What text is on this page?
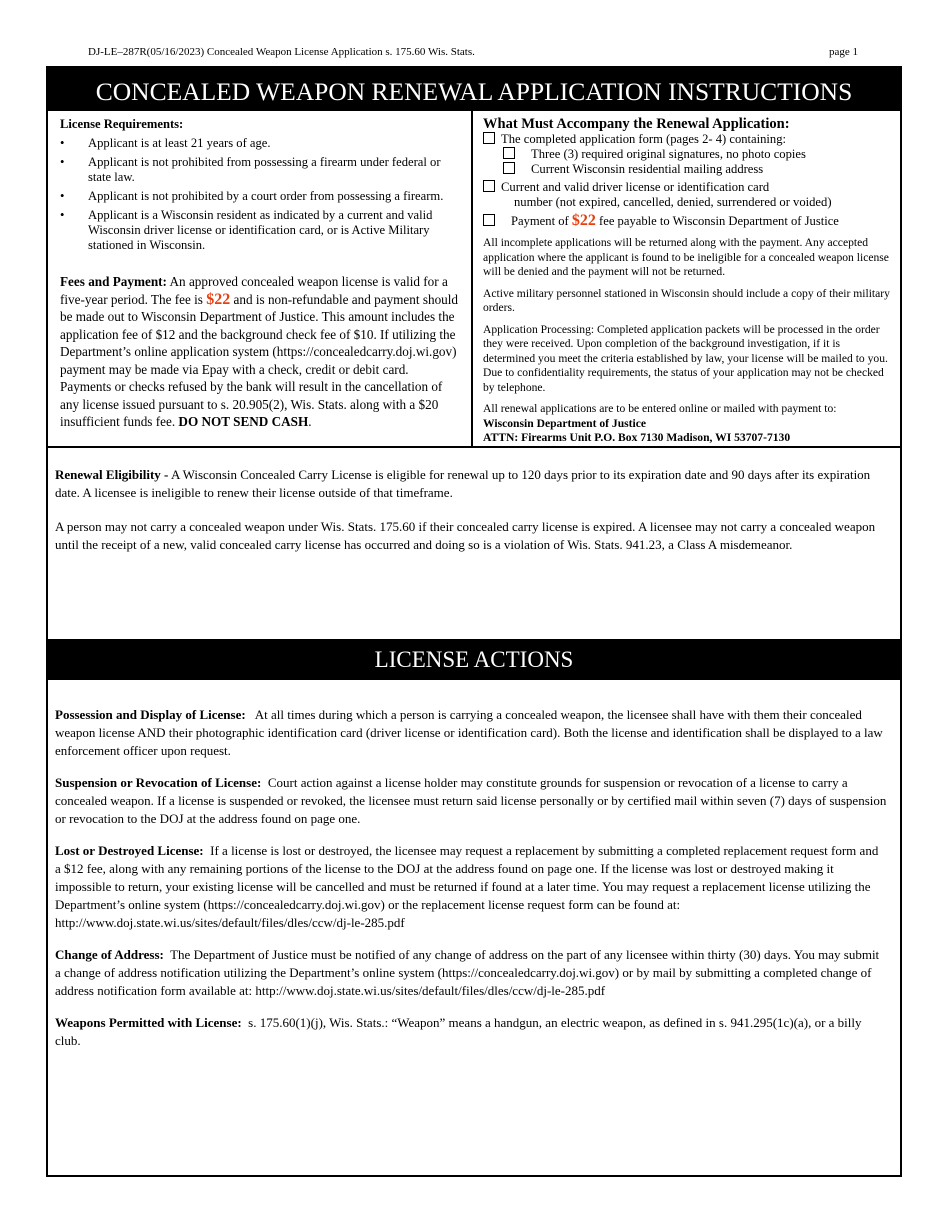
DJ-LE–287R(05/16/2023) Concealed Weapon License Application s. 175.60 Wis. Stats.	page 1
CONCEALED WEAPON RENEWAL APPLICATION INSTRUCTIONS
License Requirements:
• Applicant is at least 21 years of age.
• Applicant is not prohibited from possessing a firearm under federal or state law.
• Applicant is not prohibited by a court order from possessing a firearm.
• Applicant is a Wisconsin resident as indicated by a current and valid Wisconsin driver license or identification card, or is Active Military stationed in Wisconsin.
Fees and Payment: An approved concealed weapon license is valid for a five-year period. The fee is $22 and is non-refundable and payment should be made out to Wisconsin Department of Justice. This amount includes the application fee of $12 and the background check fee of $10. If utilizing the Department’s online application system (https://concealedcarry.doj.wi.gov) payment may be made via Epay with a check, credit or debit card. Payments or checks refused by the bank will result in the cancellation of any license issued pursuant to s. 20.905(2), Wis. Stats. along with a $20 insufficient funds fee. DO NOT SEND CASH.
What Must Accompany the Renewal Application:
The completed application form (pages 2- 4) containing:
Three (3) required original signatures, no photo copies
Current Wisconsin residential mailing address
Current and valid driver license or identification card
number (not expired, cancelled, denied, surrendered or voided)
Payment of $22 fee payable to Wisconsin Department of Justice

All incomplete applications will be returned along with the payment. Any accepted application where the applicant is found to be ineligible for a concealed weapon license will be denied and the payment will not be returned.

Active military personnel stationed in Wisconsin should include a copy of their military orders.

Application Processing: Completed application packets will be processed in the order they were received. Upon completion of the background investigation, if it is determined you meet the criteria established by law, your license will be mailed to you. Due to confidentiality requirements, the status of your application may not be checked by telephone.

All renewal applications are to be entered online or mailed with payment to:

Wisconsin Department of Justice
ATTN: Firearms Unit P.O. Box 7130 Madison, WI 53707-7130

Renewal Eligibility - A Wisconsin Concealed Carry License is eligible for renewal up to 120 days prior to its expiration date and 90 days after its expiration date. A licensee is ineligible to renew their license outside of that timeframe.

A person may not carry a concealed weapon under Wis. Stats. 175.60 if their concealed carry license is expired. A licensee may not carry a concealed weapon until the receipt of a new, valid concealed carry license has occurred and doing so is a violation of Wis. Stats. 941.23, a Class A misdemeanor.

LICENSE ACTIONS

Possession and Display of License: At all times during which a person is carrying a concealed weapon, the licensee shall have with them their concealed weapon license AND their photographic identification card (driver license or identification card). Both the license and identification shall be displayed to a law enforcement officer upon request.

Suspension or Revocation of License: Court action against a license holder may constitute grounds for suspension or revocation of a license to carry a concealed weapon. If a license is suspended or revoked, the licensee must return said license personally or by certified mail within seven (7) days of suspension or revocation to the DOJ at the address found on page one.

Lost or Destroyed License: If a license is lost or destroyed, the licensee may request a replacement by submitting a completed replacement request form and a $12 fee, along with any remaining portions of the license to the DOJ at the address found on page one. If the license was lost or destroyed making it impossible to return, your existing license will be cancelled and must be returned if found at a later time. You may request a replacement license utilizing the Department’s online system (https://concealedcarry.doj.wi.gov) or the replacement license request form can be found at: http://www.doj.state.wi.us/sites/default/files/dles/ccw/dj-le-285.pdf

Change of Address: The Department of Justice must be notified of any change of address on the part of any licensee within thirty (30) days. You may submit a change of address notification utilizing the Department’s online system (https://concealedcarry.doj.wi.gov) or by mail by submitting a completed change of address notification form available at: http://www.doj.state.wi.us/sites/default/files/dles/ccw/dj-le-285.pdf

Weapons Permitted with License: s. 175.60(1)(j), Wis. Stats.: “Weapon” means a handgun, an electric weapon, as defined in s. 941.295(1c)(a), or a billy club.
